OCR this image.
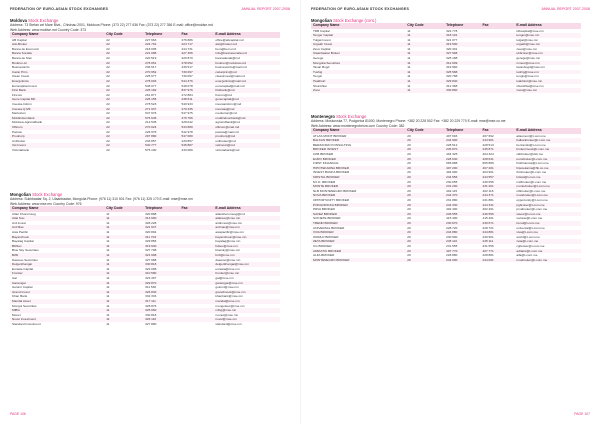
FEDERATION OF EURO-ASIAN STOCK EXCHANGES	ANNUAL REPORT 2007-2008
Moldova Stock Exchange
Address: 73 Stefan cel Mare Blvd., Chisinau 2001, Moldova Phone: (373 22) 277 636 Fax: (373 22) 277 356 E-mail: office@moldse.md
Web Address: www.moldse.md Country Code: 373
Company Name	City Code	Telephone	Fax	E-mail Address
AB Capital	22	227 663	276 686	office@abcapital.md
Aisi-Broker	22	224 701	224 717	aisi@broker.md
Banca de Economii	22	218 005	244 731	bem@bem.md
Banca Sociala	22	221 088	227 306	info@bancasociala.md
Banca de Stat	22	220 519	226 870	bancadestat@md
Brokrun-Ai	22	278 051	278 052	brokrun@moldova.md
Businessinfo	22	236 517	236 517	businessinfo@mail.md
Cazar Prim	22	270 952	730 097	cazarprim@md
Clean Invest	22	225 677	730 097	cleaninvest@mail.md
Energolinsis	22	278 003	544 376	energolinsis@mail.md
Eurocapital-Invest	22	548 077	548 078	eurocapital@mail.md
First Bank	22	226 182	837 976	firstbank@md
Fincom	22	261 877	272 884	fincom@md
Gene Capital MF	22	226 155	238 611	genecapital@md
Investa-Inform	22	278 523	540 933	investainform@md
Investa-Q MF	22	271 937	279 335	investaq@md
Merkurion	22	547 976	547 975	merkurion@md
Moldindconbank	22	576 645	276 766	moldindconbank@md
Moldova-Agroindbank	22	212 545	228 042	agroindbank@md
Olficom	22	270 024	543 880	olficom@mail.md
Pacuta	22	226 978	542 978	pacuta@mail.md
Prodcorp	22	297 880	547 080	prodcorp@md
Unibroker	22	233 857	233 857	unibroker@md
Vel-Invest	22	540 777	545 887	velinvest@md
Victoriabank	22	576 100	233 089	victoriabank@md
Mongolian Stock Exchange
Address: Sukhbaatar Sq. 2, Ulaanbaatar, Mongolia Phone: (976 11) 310 501 Fax: (976 11) 325 170 E-mail: mse@mse.mn
Web Address: www.mse.mn Country Code: 976
Company Name	City Code	Telephone	Fax	E-mail Address
Altan Khoromsog	11	320 888		altankhoromsog@md
Altai Suu	11	313 900		altaisuu@mse.mn
Ard Invest	11	328 228		ardinvest@mse.mn
Ard Mas	11	321 937		ardmas@mse.mn
Asia Pacific	11	320 804		asiapacific@mse.mn
Bayanchuun	11	311 703		bayanchuun@mse.mn
Bayalag Capital	11	329 856		bayalag@mse.mn
BDSec	11	319 940		bdsec@mse.mn
Blue Sky Securities	11	327 798		bluesky@mse.mn
BZD	11	321 908		bzd@mse.mn
Daewoo Securities	11	327 088		daewoo@mse.mn
Delgerkhangai	11	330 818		delgerkhangai@mse.mn
Eurasia Capital	11	322 008		eurasia@mse.mn
Frontier	11	310 580		frontier@mse.mn
Gal	11	323 307		gal@mse.mn
Garamgar	11	329 870		garamgar@mse.mn
Golomt Capital	11	311 530		golomt@mse.mn
Grand Invest	11	326 830		grandinvest@mse.mn
Khan Bank	11	332 333		khanbank@mse.mn
Mandal Asset	11	317 111		mandal@mse.mn
Mongol Securities	11	328 876		mongolsec@mse.mn
MIBG	11	325 060		mibg@mse.mn
Monet	11	330 818		monet@mse.mn
Novel Investment	11	326 116		novel@mse.mn
Standard Investment	11	327 880		standard@mse.mn
PAGE 106
FEDERATION OF EURO-ASIAN STOCK EXCHANGES	ANNUAL REPORT 2007-2008
Mongolian Stock Exchange (cont.)
Company Name	City Code	Telephone	Fax	E-mail Address
TDB Capital	11	322 778		tdbcapital@mse.mn
Tenger Capital	11	318 101		tenger@mse.mn
Tulgat Invest	11	321 077		tulgat@mse.mn
Urgakh Invest	11	319 500		urgakh@mse.mn
Zeus Capital	11	320 301		zeus@mse.mn
Ulaanbaatar Broker	11	327 998		ubbroker@mse.mn
Gerege	11	325 188		gerege@mse.mn
Mongolia Securities	11	312 909		mnsec@mse.mn
Tavan Bogd	11	319 960		tavanbogd@mse.mn
Tushig	11	325 588		tushig@mse.mn
Tengis	11	320 788		tengis@mse.mn
Tsakhiurt	11	329 840		tsakhiurt@mse.mn
Shunkhlai	11	312 368		shunkhlai@mse.mn
Zoos	11	330 860		zoos@mse.mn
Montenegro Stock Exchange
Address: Moskovska 77, Podgorica 81000, Montenegro Phone: +382 20 228 502 Fax: +382 20 229 770 E-mail: mse@mse.co.me
Web Address: www.montenegroberza.com Country Code: 382
Company Name	City Code	Telephone	Fax	E-mail Address
ATLAS MONT BROKER	20	407 693	407 692	atlasmont@t-com.me
BALKAN BROKER	20	244 900	244 901	balkanbroker@t-com.me
BERZANSKI KONSALTING	20	228 512	228 513	berzanski@t-com.me
BROKER INVEST	20	245 870	245 871	brokerinvest@t-com.me
CKB BROKER	20	404 325	404 324	ckbbroker@ckb.me
EURO BROKER	20	228 630	228 631	eurobroker@t-com.me
FIRST FINANCIAL	20	665 888	665 889	firstfinancial@t-com.me
HIPOTEKARNA BROKER	20	407 200	407 201	hipotekarna@hb.co.me
INVEST BANKA BROKER	20	404 900	404 901	ibmbroker@t-com.me
KRISTAL BROKER	20	244 556	244 557	kristal@t-com.me
M.I.D. BROKER	20	230 055	230 056	midbroker@t-com.me
MONTE BROKER	20	231 200	231 201	montebroker@t-com.me
NLB MONTENEGRO BROKER	20	402 115	402 116	nlbbroker@t-com.me
NOVA BROKER	20	244 370	244 371	novabroker@t-com.me
OPPORTUNITY BROKER	20	231 880	231 881	opportunity@t-com.me
PODGORICKA BROKER	20	244 330	244 331	pgbroker@t-com.me
PRVA BROKER	20	402 400	402 401	prvabroker@t-com.me
SAVEZ BROKER	20	246 555	246 556	savez@t-com.me
SOCIETE BROKER	20	415 400	415 401	societe@t-com.me
TREND BROKER	20	230 670	230 671	trend@t-com.me
UNIVERSAL BROKER	20	228 720	228 721	universal@t-com.me
VIVA BROKER	20	244 880	244 881	viva@t-com.me
WORLD BROKER	20	230 900	230 901	world@t-com.me
ZETA BROKER	20	245 110	245 111	zeta@t-com.me
CG BROKER	20	231 555	231 556	cgbroker@t-com.me
ADRIATIC BROKER	20	407 770	407 771	adriatic@t-com.me
ALFA BROKER	20	228 880	228 881	alfa@t-com.me
MONTENEGRO BROKER	20	244 000	244 001	mnebroker@t-com.me
PAGE 107
